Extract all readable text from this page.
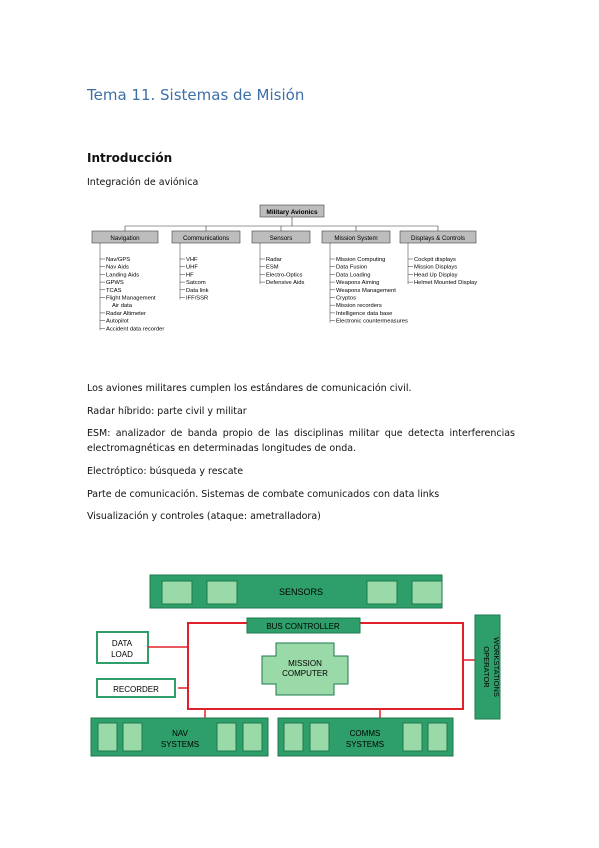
Tema 11. Sistemas de Misión
Introducción
Integración de aviónica
Military Avionics
Navigation
Nav/GPS
Nav Aids
Landing Aids
GPWS
TCAS
Flight Management
Air data
Radar Altimeter
Autopilot
Accident data recorder
Communications
VHF
UHF
HF
Satcom
Data link
IFF/SSR
Sensors
Radar
ESM
Electro-Optics
Defensive Aids
Mission System
Mission Computing
Data Fusion
Data Loading
Weapons Aiming
Weapons Management
Cryptos
Mission recorders
Intelligence data base
Electronic countermeasures
Displays & Controls
Cockpit displays
Mission Displays
Head Up Display
Helmet Mounted Display
Los aviones militares cumplen los estándares de comunicación civil.
Radar híbrido: parte civil y militar
ESM: analizador de banda propio de las disciplinas militar que detecta interferencias electromagnéticas en determinadas longitudes de onda.
Electróptico: búsqueda y rescate
Parte de comunicación. Sistemas de combate comunicados con data links
Visualización y controles (ataque: ametralladora)
SENSORS
BUS CONTROLLER
MISSION
COMPUTER
DATA
LOAD
RECORDER
OPERATOR WORKSTATIONS
NAV
SYSTEMS
COMMS
SYSTEMS
